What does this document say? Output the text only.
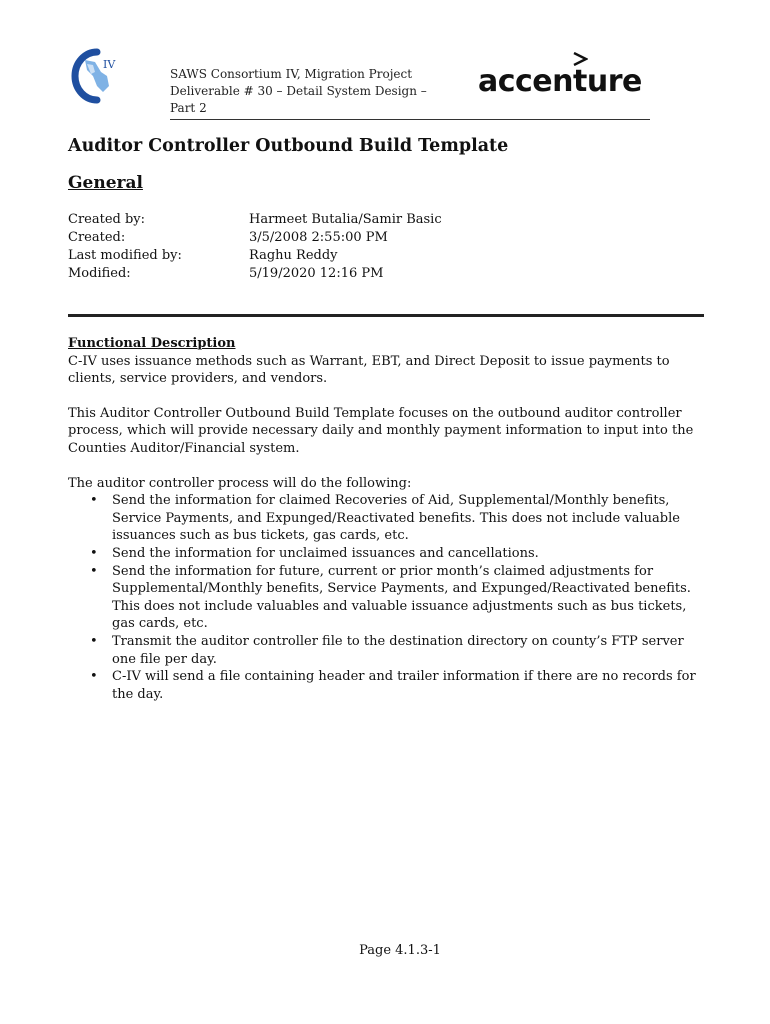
IV
SAWS Consortium IV, Migration Project
Deliverable # 30 – Detail System Design –
Part 2
accenture
Auditor Controller Outbound Build Template
General
Created by:	Harmeet Butalia/Samir Basic
Created:	3/5/2008 2:55:00 PM
Last modified by:	Raghu Reddy
Modified:	5/19/2020 12:16 PM

Functional Description

C-IV uses issuance methods such as Warrant, EBT, and Direct Deposit to issue payments to clients, service providers, and vendors.

This Auditor Controller Outbound Build Template focuses on the outbound auditor controller process, which will provide necessary daily and monthly payment information to input into the Counties Auditor/Financial system.

The auditor controller process will do the following:

• Send the information for claimed Recoveries of Aid, Supplemental/Monthly benefits, Service Payments, and Expunged/Reactivated benefits. This does not include valuable issuances such as bus tickets, gas cards, etc.
• Send the information for unclaimed issuances and cancellations.
• Send the information for future, current or prior month’s claimed adjustments for Supplemental/Monthly benefits, Service Payments, and Expunged/Reactivated benefits. This does not include valuables and valuable issuance adjustments such as bus tickets, gas cards, etc.
• Transmit the auditor controller file to the destination directory on county’s FTP server one file per day.
• C-IV will send a file containing header and trailer information if there are no records for the day.
Page 4.1.3-1
